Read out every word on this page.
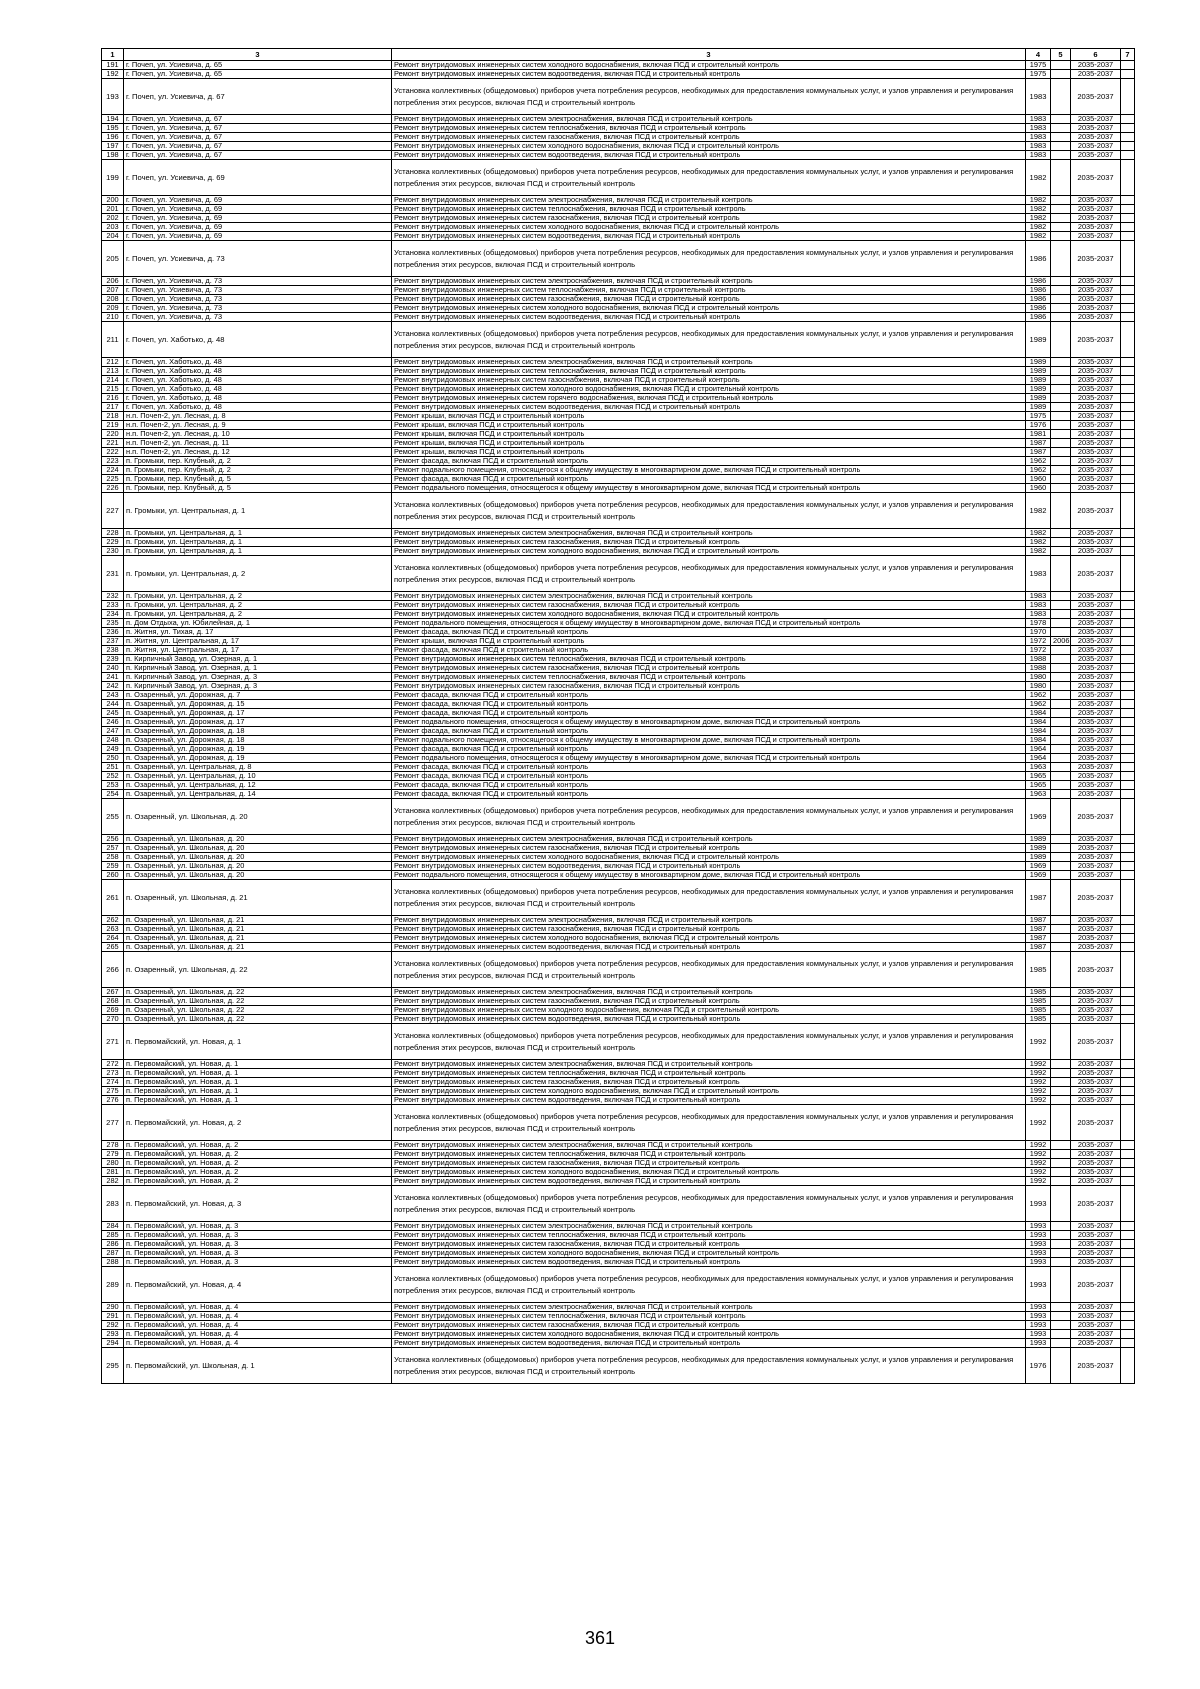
1	3	3	4	5	6	7
191	г. Почеп, ул. Усиевича, д. 65	Ремонт внутридомовых инженерных систем холодного водоснабжения, включая ПСД и строительный контроль	1975		2035-2037	
192	г. Почеп, ул. Усиевича, д. 65	Ремонт внутридомовых инженерных систем водоотведения, включая ПСД и строительный контроль	1975		2035-2037	
193	г. Почеп, ул. Усиевича, д. 67	Установка коллективных (общедомовых) приборов учета потребления ресурсов, необходимых для предоставления коммунальных услуг, и узлов управления и регулирования потребления этих ресурсов, включая ПСД и строительный контроль	1983		2035-2037	
194	г. Почеп, ул. Усиевича, д. 67	Ремонт внутридомовых инженерных систем электроснабжения, включая ПСД и строительный контроль	1983		2035-2037	
195	г. Почеп, ул. Усиевича, д. 67	Ремонт внутридомовых инженерных систем теплоснабжения, включая ПСД и строительный контроль	1983		2035-2037	
196	г. Почеп, ул. Усиевича, д. 67	Ремонт внутридомовых инженерных систем газоснабжения, включая ПСД и строительный контроль	1983		2035-2037	
197	г. Почеп, ул. Усиевича, д. 67	Ремонт внутридомовых инженерных систем холодного водоснабжения, включая ПСД и строительный контроль	1983		2035-2037	
198	г. Почеп, ул. Усиевича, д. 67	Ремонт внутридомовых инженерных систем водоотведения, включая ПСД и строительный контроль	1983		2035-2037	
199	г. Почеп, ул. Усиевича, д. 69	Установка коллективных (общедомовых) приборов учета потребления ресурсов, необходимых для предоставления коммунальных услуг, и узлов управления и регулирования потребления этих ресурсов, включая ПСД и строительный контроль	1982		2035-2037	
200	г. Почеп, ул. Усиевича, д. 69	Ремонт внутридомовых инженерных систем электроснабжения, включая ПСД и строительный контроль	1982		2035-2037	
201	г. Почеп, ул. Усиевича, д. 69	Ремонт внутридомовых инженерных систем теплоснабжения, включая ПСД и строительный контроль	1982		2035-2037	
202	г. Почеп, ул. Усиевича, д. 69	Ремонт внутридомовых инженерных систем газоснабжения, включая ПСД и строительный контроль	1982		2035-2037	
203	г. Почеп, ул. Усиевича, д. 69	Ремонт внутридомовых инженерных систем холодного водоснабжения, включая ПСД и строительный контроль	1982		2035-2037	
204	г. Почеп, ул. Усиевича, д. 69	Ремонт внутридомовых инженерных систем водоотведения, включая ПСД и строительный контроль	1982		2035-2037	
205	г. Почеп, ул. Усиевича, д. 73	Установка коллективных (общедомовых) приборов учета потребления ресурсов, необходимых для предоставления коммунальных услуг, и узлов управления и регулирования потребления этих ресурсов, включая ПСД и строительный контроль	1986		2035-2037	
206	г. Почеп, ул. Усиевича, д. 73	Ремонт внутридомовых инженерных систем электроснабжения, включая ПСД и строительный контроль	1986		2035-2037	
207	г. Почеп, ул. Усиевича, д. 73	Ремонт внутридомовых инженерных систем теплоснабжения, включая ПСД и строительный контроль	1986		2035-2037	
208	г. Почеп, ул. Усиевича, д. 73	Ремонт внутридомовых инженерных систем газоснабжения, включая ПСД и строительный контроль	1986		2035-2037	
209	г. Почеп, ул. Усиевича, д. 73	Ремонт внутридомовых инженерных систем холодного водоснабжения, включая ПСД и строительный контроль	1986		2035-2037	
210	г. Почеп, ул. Усиевича, д. 73	Ремонт внутридомовых инженерных систем водоотведения, включая ПСД и строительный контроль	1986		2035-2037	
211	г. Почеп, ул. Хаботько, д. 48	Установка коллективных (общедомовых) приборов учета потребления ресурсов, необходимых для предоставления коммунальных услуг, и узлов управления и регулирования потребления этих ресурсов, включая ПСД и строительный контроль	1989		2035-2037	
212	г. Почеп, ул. Хаботько, д. 48	Ремонт внутридомовых инженерных систем электроснабжения, включая ПСД и строительный контроль	1989		2035-2037	
213	г. Почеп, ул. Хаботько, д. 48	Ремонт внутридомовых инженерных систем теплоснабжения, включая ПСД и строительный контроль	1989		2035-2037	
214	г. Почеп, ул. Хаботько, д. 48	Ремонт внутридомовых инженерных систем газоснабжения, включая ПСД и строительный контроль	1989		2035-2037	
215	г. Почеп, ул. Хаботько, д. 48	Ремонт внутридомовых инженерных систем холодного водоснабжения, включая ПСД и строительный контроль	1989		2035-2037	
216	г. Почеп, ул. Хаботько, д. 48	Ремонт внутридомовых инженерных систем горячего водоснабжения, включая ПСД и строительный контроль	1989		2035-2037	
217	г. Почеп, ул. Хаботько, д. 48	Ремонт внутридомовых инженерных систем водоотведения, включая ПСД и строительный контроль	1989		2035-2037	
218	н.п. Почеп-2, ул. Лесная, д. 8	Ремонт крыши, включая ПСД и строительный контроль	1975		2035-2037	
219	н.п. Почеп-2, ул. Лесная, д. 9	Ремонт крыши, включая ПСД и строительный контроль	1976		2035-2037	
220	н.п. Почеп-2, ул. Лесная, д. 10	Ремонт крыши, включая ПСД и строительный контроль	1981		2035-2037	
221	н.п. Почеп-2, ул. Лесная, д. 11	Ремонт крыши, включая ПСД и строительный контроль	1987		2035-2037	
222	н.п. Почеп-2, ул. Лесная, д. 12	Ремонт крыши, включая ПСД и строительный контроль	1987		2035-2037	
223	п. Громыки, пер. Клубный, д. 2	Ремонт фасада, включая ПСД и строительный контроль	1962		2035-2037	
224	п. Громыки, пер. Клубный, д. 2	Ремонт подвального помещения, относящегося к общему имуществу в многоквартирном доме, включая ПСД и строительный контроль	1962		2035-2037	
225	п. Громыки, пер. Клубный, д. 5	Ремонт фасада, включая ПСД и строительный контроль	1960		2035-2037	
226	п. Громыки, пер. Клубный, д. 5	Ремонт подвального помещения, относящегося к общему имуществу в многоквартирном доме, включая ПСД и строительный контроль	1960		2035-2037	
227	п. Громыки, ул. Центральная, д. 1	Установка коллективных (общедомовых) приборов учета потребления ресурсов, необходимых для предоставления коммунальных услуг, и узлов управления и регулирования потребления этих ресурсов, включая ПСД и строительный контроль	1982		2035-2037	
228	п. Громыки, ул. Центральная, д. 1	Ремонт внутридомовых инженерных систем электроснабжения, включая ПСД и строительный контроль	1982		2035-2037	
229	п. Громыки, ул. Центральная, д. 1	Ремонт внутридомовых инженерных систем газоснабжения, включая ПСД и строительный контроль	1982		2035-2037	
230	п. Громыки, ул. Центральная, д. 1	Ремонт внутридомовых инженерных систем холодного водоснабжения, включая ПСД и строительный контроль	1982		2035-2037	
231	п. Громыки, ул. Центральная, д. 2	Установка коллективных (общедомовых) приборов учета потребления ресурсов, необходимых для предоставления коммунальных услуг, и узлов управления и регулирования потребления этих ресурсов, включая ПСД и строительный контроль	1983		2035-2037	
232	п. Громыки, ул. Центральная, д. 2	Ремонт внутридомовых инженерных систем электроснабжения, включая ПСД и строительный контроль	1983		2035-2037	
233	п. Громыки, ул. Центральная, д. 2	Ремонт внутридомовых инженерных систем газоснабжения, включая ПСД и строительный контроль	1983		2035-2037	
234	п. Громыки, ул. Центральная, д. 2	Ремонт внутридомовых инженерных систем холодного водоснабжения, включая ПСД и строительный контроль	1983		2035-2037	
235	п. Дом Отдыха, ул. Юбилейная, д. 1	Ремонт подвального помещения, относящегося к общему имуществу в многоквартирном доме, включая ПСД и строительный контроль	1978		2035-2037	
236	п. Житня, ул. Тихая, д. 17	Ремонт фасада, включая ПСД и строительный контроль	1970		2035-2037	
237	п. Житня, ул. Центральная, д. 17	Ремонт крыши, включая ПСД и строительный контроль	1972	2006	2035-2037	
238	п. Житня, ул. Центральная, д. 17	Ремонт фасада, включая ПСД и строительный контроль	1972		2035-2037	
239	п. Кирпичный Завод, ул. Озерная, д. 1	Ремонт внутридомовых инженерных систем теплоснабжения, включая ПСД и строительный контроль	1988		2035-2037	
240	п. Кирпичный Завод, ул. Озерная, д. 1	Ремонт внутридомовых инженерных систем газоснабжения, включая ПСД и строительный контроль	1988		2035-2037	
241	п. Кирпичный Завод, ул. Озерная, д. 3	Ремонт внутридомовых инженерных систем теплоснабжения, включая ПСД и строительный контроль	1980		2035-2037	
242	п. Кирпичный Завод, ул. Озерная, д. 3	Ремонт внутридомовых инженерных систем газоснабжения, включая ПСД и строительный контроль	1980		2035-2037	
243	п. Озаренный, ул. Дорожная, д. 7	Ремонт фасада, включая ПСД и строительный контроль	1962		2035-2037	
244	п. Озаренный, ул. Дорожная, д. 15	Ремонт фасада, включая ПСД и строительный контроль	1962		2035-2037	
245	п. Озаренный, ул. Дорожная, д. 17	Ремонт фасада, включая ПСД и строительный контроль	1984		2035-2037	
246	п. Озаренный, ул. Дорожная, д. 17	Ремонт подвального помещения, относящегося к общему имуществу в многоквартирном доме, включая ПСД и строительный контроль	1984		2035-2037	
247	п. Озаренный, ул. Дорожная, д. 18	Ремонт фасада, включая ПСД и строительный контроль	1984		2035-2037	
248	п. Озаренный, ул. Дорожная, д. 18	Ремонт подвального помещения, относящегося к общему имуществу в многоквартирном доме, включая ПСД и строительный контроль	1984		2035-2037	
249	п. Озаренный, ул. Дорожная, д. 19	Ремонт фасада, включая ПСД и строительный контроль	1964		2035-2037	
250	п. Озаренный, ул. Дорожная, д. 19	Ремонт подвального помещения, относящегося к общему имуществу в многоквартирном доме, включая ПСД и строительный контроль	1964		2035-2037	
251	п. Озаренный, ул. Центральная, д. 8	Ремонт фасада, включая ПСД и строительный контроль	1963		2035-2037	
252	п. Озаренный, ул. Центральная, д. 10	Ремонт фасада, включая ПСД и строительный контроль	1965		2035-2037	
253	п. Озаренный, ул. Центральная, д. 12	Ремонт фасада, включая ПСД и строительный контроль	1965		2035-2037	
254	п. Озаренный, ул. Центральная, д. 14	Ремонт фасада, включая ПСД и строительный контроль	1963		2035-2037	
255	п. Озаренный, ул. Школьная, д. 20	Установка коллективных (общедомовых) приборов учета потребления ресурсов, необходимых для предоставления коммунальных услуг, и узлов управления и регулирования потребления этих ресурсов, включая ПСД и строительный контроль	1969		2035-2037	
256	п. Озаренный, ул. Школьная, д. 20	Ремонт внутридомовых инженерных систем электроснабжения, включая ПСД и строительный контроль	1989		2035-2037	
257	п. Озаренный, ул. Школьная, д. 20	Ремонт внутридомовых инженерных систем газоснабжения, включая ПСД и строительный контроль	1989		2035-2037	
258	п. Озаренный, ул. Школьная, д. 20	Ремонт внутридомовых инженерных систем холодного водоснабжения, включая ПСД и строительный контроль	1989		2035-2037	
259	п. Озаренный, ул. Школьная, д. 20	Ремонт внутридомовых инженерных систем водоотведения, включая ПСД и строительный контроль	1969		2035-2037	
260	п. Озаренный, ул. Школьная, д. 20	Ремонт подвального помещения, относящегося к общему имуществу в многоквартирном доме, включая ПСД и строительный контроль	1969		2035-2037	
261	п. Озаренный, ул. Школьная, д. 21	Установка коллективных (общедомовых) приборов учета потребления ресурсов, необходимых для предоставления коммунальных услуг, и узлов управления и регулирования потребления этих ресурсов, включая ПСД и строительный контроль	1987		2035-2037	
262	п. Озаренный, ул. Школьная, д. 21	Ремонт внутридомовых инженерных систем электроснабжения, включая ПСД и строительный контроль	1987		2035-2037	
263	п. Озаренный, ул. Школьная, д. 21	Ремонт внутридомовых инженерных систем газоснабжения, включая ПСД и строительный контроль	1987		2035-2037	
264	п. Озаренный, ул. Школьная, д. 21	Ремонт внутридомовых инженерных систем холодного водоснабжения, включая ПСД и строительный контроль	1987		2035-2037	
265	п. Озаренный, ул. Школьная, д. 21	Ремонт внутридомовых инженерных систем водоотведения, включая ПСД и строительный контроль	1987		2035-2037	
266	п. Озаренный, ул. Школьная, д. 22	Установка коллективных (общедомовых) приборов учета потребления ресурсов, необходимых для предоставления коммунальных услуг, и узлов управления и регулирования потребления этих ресурсов, включая ПСД и строительный контроль	1985		2035-2037	
267	п. Озаренный, ул. Школьная, д. 22	Ремонт внутридомовых инженерных систем электроснабжения, включая ПСД и строительный контроль	1985		2035-2037	
268	п. Озаренный, ул. Школьная, д. 22	Ремонт внутридомовых инженерных систем газоснабжения, включая ПСД и строительный контроль	1985		2035-2037	
269	п. Озаренный, ул. Школьная, д. 22	Ремонт внутридомовых инженерных систем холодного водоснабжения, включая ПСД и строительный контроль	1985		2035-2037	
270	п. Озаренный, ул. Школьная, д. 22	Ремонт внутридомовых инженерных систем водоотведения, включая ПСД и строительный контроль	1985		2035-2037	
271	п. Первомайский, ул. Новая, д. 1	Установка коллективных (общедомовых) приборов учета потребления ресурсов, необходимых для предоставления коммунальных услуг, и узлов управления и регулирования потребления этих ресурсов, включая ПСД и строительный контроль	1992		2035-2037	
272	п. Первомайский, ул. Новая, д. 1	Ремонт внутридомовых инженерных систем электроснабжения, включая ПСД и строительный контроль	1992		2035-2037	
273	п. Первомайский, ул. Новая, д. 1	Ремонт внутридомовых инженерных систем теплоснабжения, включая ПСД и строительный контроль	1992		2035-2037	
274	п. Первомайский, ул. Новая, д. 1	Ремонт внутридомовых инженерных систем газоснабжения, включая ПСД и строительный контроль	1992		2035-2037	
275	п. Первомайский, ул. Новая, д. 1	Ремонт внутридомовых инженерных систем холодного водоснабжения, включая ПСД и строительный контроль	1992		2035-2037	
276	п. Первомайский, ул. Новая, д. 1	Ремонт внутридомовых инженерных систем водоотведения, включая ПСД и строительный контроль	1992		2035-2037	
277	п. Первомайский, ул. Новая, д. 2	Установка коллективных (общедомовых) приборов учета потребления ресурсов, необходимых для предоставления коммунальных услуг, и узлов управления и регулирования потребления этих ресурсов, включая ПСД и строительный контроль	1992		2035-2037	
278	п. Первомайский, ул. Новая, д. 2	Ремонт внутридомовых инженерных систем электроснабжения, включая ПСД и строительный контроль	1992		2035-2037	
279	п. Первомайский, ул. Новая, д. 2	Ремонт внутридомовых инженерных систем теплоснабжения, включая ПСД и строительный контроль	1992		2035-2037	
280	п. Первомайский, ул. Новая, д. 2	Ремонт внутридомовых инженерных систем газоснабжения, включая ПСД и строительный контроль	1992		2035-2037	
281	п. Первомайский, ул. Новая, д. 2	Ремонт внутридомовых инженерных систем холодного водоснабжения, включая ПСД и строительный контроль	1992		2035-2037	
282	п. Первомайский, ул. Новая, д. 2	Ремонт внутридомовых инженерных систем водоотведения, включая ПСД и строительный контроль	1992		2035-2037	
283	п. Первомайский, ул. Новая, д. 3	Установка коллективных (общедомовых) приборов учета потребления ресурсов, необходимых для предоставления коммунальных услуг, и узлов управления и регулирования потребления этих ресурсов, включая ПСД и строительный контроль	1993		2035-2037	
284	п. Первомайский, ул. Новая, д. 3	Ремонт внутридомовых инженерных систем электроснабжения, включая ПСД и строительный контроль	1993		2035-2037	
285	п. Первомайский, ул. Новая, д. 3	Ремонт внутридомовых инженерных систем теплоснабжения, включая ПСД и строительный контроль	1993		2035-2037	
286	п. Первомайский, ул. Новая, д. 3	Ремонт внутридомовых инженерных систем газоснабжения, включая ПСД и строительный контроль	1993		2035-2037	
287	п. Первомайский, ул. Новая, д. 3	Ремонт внутридомовых инженерных систем холодного водоснабжения, включая ПСД и строительный контроль	1993		2035-2037	
288	п. Первомайский, ул. Новая, д. 3	Ремонт внутридомовых инженерных систем водоотведения, включая ПСД и строительный контроль	1993		2035-2037	
289	п. Первомайский, ул. Новая, д. 4	Установка коллективных (общедомовых) приборов учета потребления ресурсов, необходимых для предоставления коммунальных услуг, и узлов управления и регулирования потребления этих ресурсов, включая ПСД и строительный контроль	1993		2035-2037	
290	п. Первомайский, ул. Новая, д. 4	Ремонт внутридомовых инженерных систем электроснабжения, включая ПСД и строительный контроль	1993		2035-2037	
291	п. Первомайский, ул. Новая, д. 4	Ремонт внутридомовых инженерных систем теплоснабжения, включая ПСД и строительный контроль	1993		2035-2037	
292	п. Первомайский, ул. Новая, д. 4	Ремонт внутридомовых инженерных систем газоснабжения, включая ПСД и строительный контроль	1993		2035-2037	
293	п. Первомайский, ул. Новая, д. 4	Ремонт внутридомовых инженерных систем холодного водоснабжения, включая ПСД и строительный контроль	1993		2035-2037	
294	п. Первомайский, ул. Новая, д. 4	Ремонт внутридомовых инженерных систем водоотведения, включая ПСД и строительный контроль	1993		2035-2037	
295	п. Первомайский, ул. Школьная, д. 1	Установка коллективных (общедомовых) приборов учета потребления ресурсов, необходимых для предоставления коммунальных услуг, и узлов управления и регулирования потребления этих ресурсов, включая ПСД и строительный контроль	1976		2035-2037	
361
